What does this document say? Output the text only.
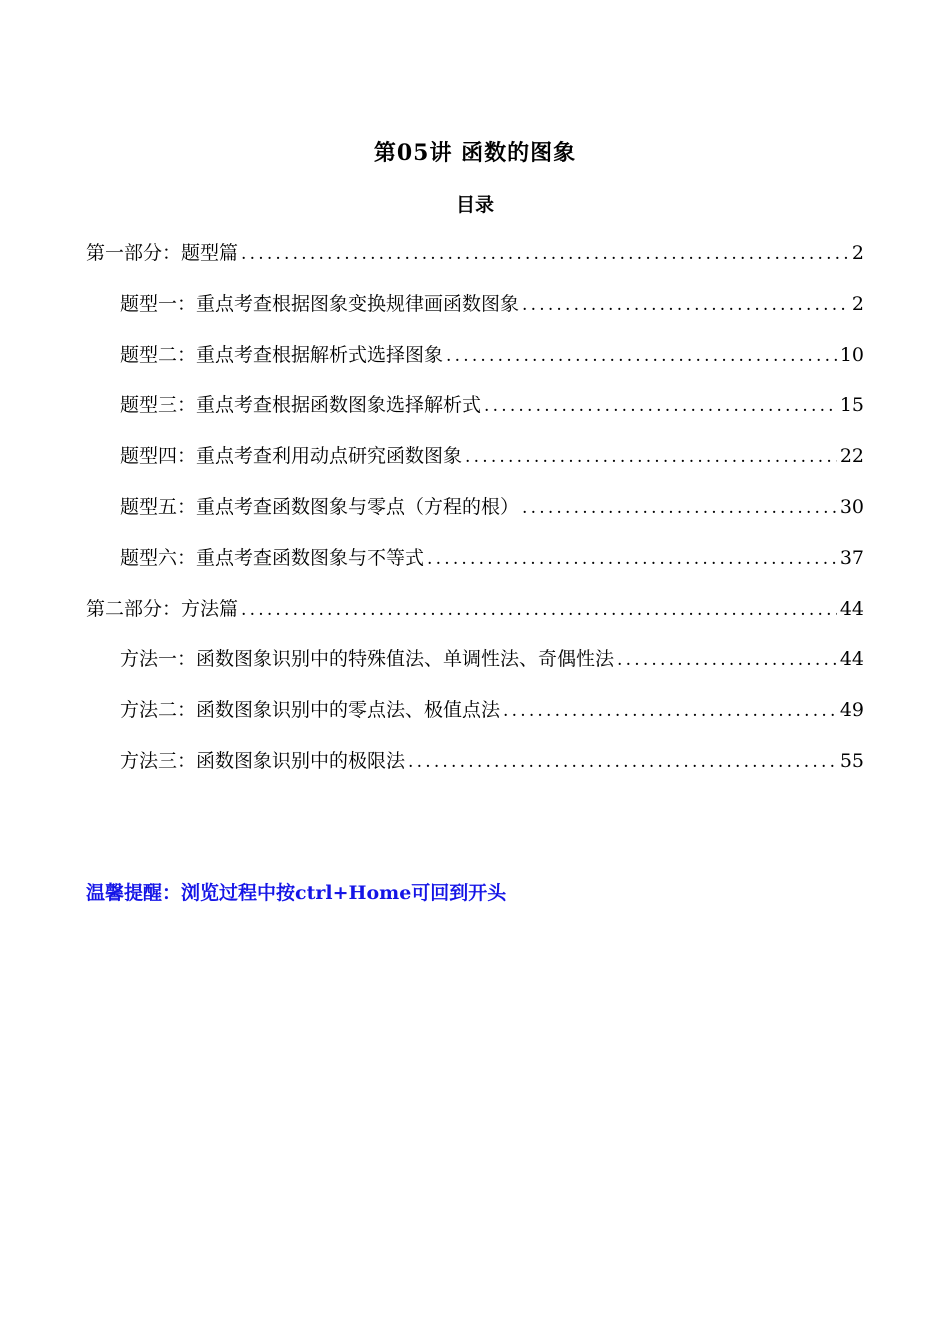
第05讲 函数的图象
目录
第一部分：题型篇 .....	2
题型一：重点考查根据图象变换规律画函数图象 .....	2
题型二：重点考查根据解析式选择图象 .....	10
题型三：重点考查根据函数图象选择解析式 .....	15
题型四：重点考查利用动点研究函数图象 .....	22
题型五：重点考查函数图象与零点（方程的根） .....	30
题型六：重点考查函数图象与不等式 .....	37
第二部分：方法篇 .....	44
方法一：函数图象识别中的特殊值法、单调性法、奇偶性法 .....	44
方法二：函数图象识别中的零点法、极值点法 .....	49
方法三：函数图象识别中的极限法 .....	55
温馨提醒：浏览过程中按ctrl+Home可回到开头
